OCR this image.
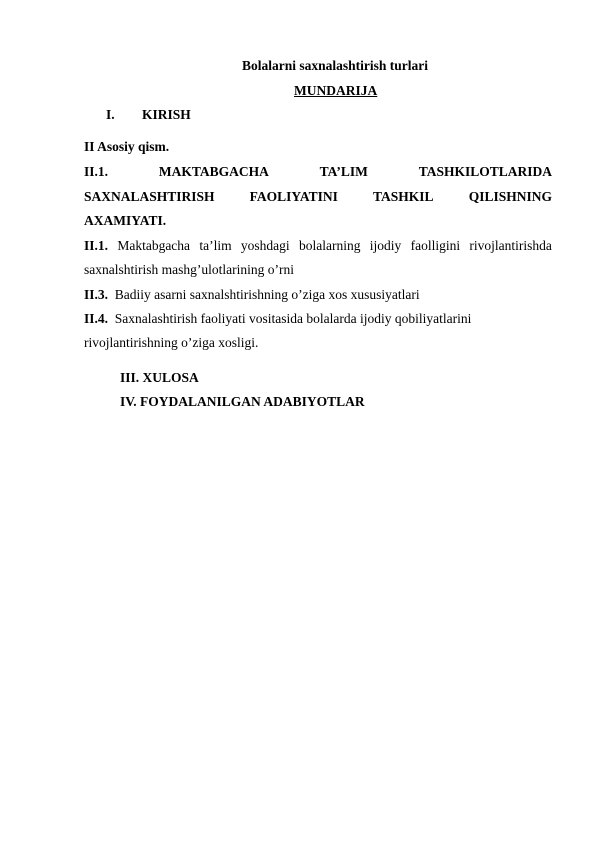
Bolalarni saxnalashtirish turlari
MUNDARIJA
I. KIRISH
II Asosiy qism.
II.1.	MAKTABGACHA	TA’LIM	TASHKILOTLARIDA
SAXNALASHTIRISH	FAOLIYATINI	TASHKIL	QILISHNING
AXAMIYATI.
II.1. Maktabgacha ta’lim yoshdagi bolalarning ijodiy faolligini rivojlantirishda
saxnalshtirish mashg’ulotlarining o’rni
II.3. Badiiy asarni saxnalshtirishning o’ziga xos xususiyatlari
II.4. Saxnalashtirish faoliyati vositasida bolalarda ijodiy qobiliyatlarini
rivojlantirishning o’ziga xosligi.
III. XULOSA
IV. FOYDALANILGAN ADABIYOTLAR
